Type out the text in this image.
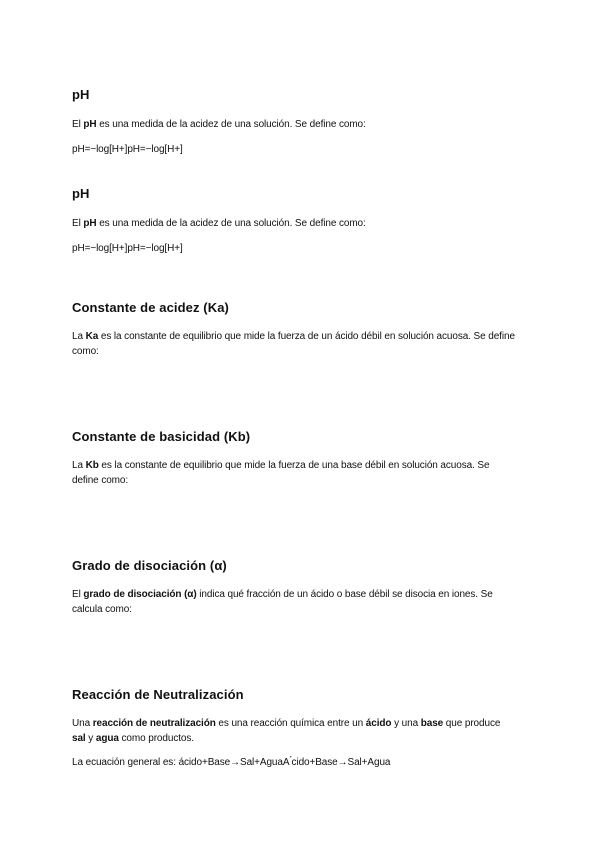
pH

El pH es una medida de la acidez de una solución. Se define como:

pH=−log[H+]pH=−log[H+]

pH

El pH es una medida de la acidez de una solución. Se define como:

pH=−log[H+]pH=−log[H+]

Constante de acidez (Ka)

La Ka es la constante de equilibrio que mide la fuerza de un ácido débil en solución acuosa. Se define como:

Constante de basicidad (Kb)

La Kb es la constante de equilibrio que mide la fuerza de una base débil en solución acuosa. Se define como:

Grado de disociación (α)

El grado de disociación (α) indica qué fracción de un ácido o base débil se disocia en iones. Se calcula como:

Reacción de Neutralización

Una reacción de neutralización es una reacción química entre un ácido y una base que produce sal y agua como productos.

La ecuación general es: ácido+Base→Sal+AguaA ́cido+Base→Sal+Agua
